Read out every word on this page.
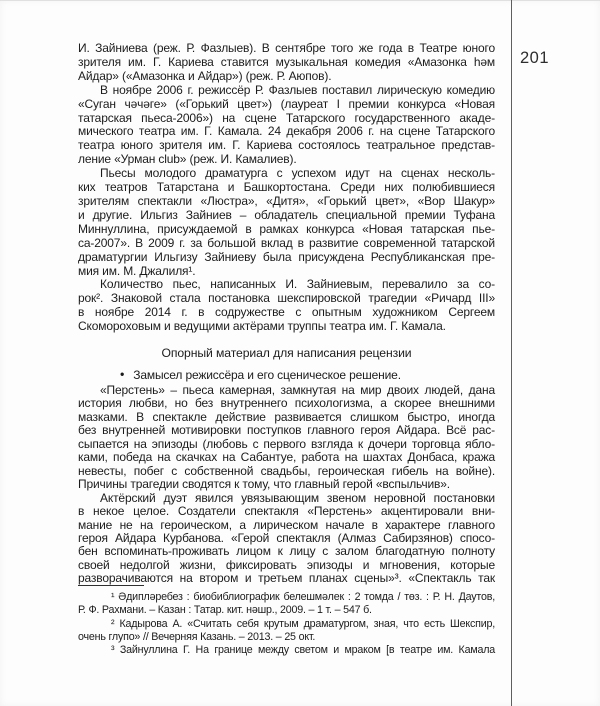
201
И. Зайниева (реж. Р. Фазлыев). В сентябре того же года в Театре юного
зрителя им. Г. Кариева ставится музыкальная комедия «Амазонка һәм
Айдар» («Амазонка и Айдар») (реж. Р. Аюпов).
В ноябре 2006 г. режиссёр Р. Фазлыев поставил лирическую комедию
«Суган чәчәге» («Горький цвет») (лауреат I премии конкурса «Новая
татарская пьеса-2006») на сцене Татарского государственного акаде-
мического театра им. Г. Камала. 24 декабря 2006 г. на сцене Татарского
театра юного зрителя им. Г. Кариева состоялось театральное представ-
ление «Урман club» (реж. И. Камалиев).
Пьесы молодого драматурга с успехом идут на сценах несколь-
ких театров Татарстана и Башкортостана. Среди них полюбившиеся
зрителям спектакли «Люстра», «Дитя», «Горький цвет», «Вор Шакур»
и другие. Ильгиз Зайниев – обладатель специальной премии Туфана
Миннуллина, присуждаемой в рамках конкурса «Новая татарская пье-
са-2007». В 2009 г. за большой вклад в развитие современной татарской
драматургии Ильгизу Зайниеву была присуждена Республиканская пре-
мия им. М. Джалиля¹.
Количество пьес, написанных И. Зайниевым, перевалило за со-
рок². Знаковой стала постановка шекспировской трагедии «Ричард III»
в ноябре 2014 г. в содружестве с опытным художником Сергеем
Скомороховым и ведущими актёрами труппы театра им. Г. Камала.
Опорный материал для написания рецензии
• Замысел режиссёра и его сценическое решение.
«Перстень» – пьеса камерная, замкнутая на мир двоих людей, дана
история любви, но без внутреннего психологизма, а скорее внешними
мазками. В спектакле действие развивается слишком быстро, иногда
без внутренней мотивировки поступков главного героя Айдара. Всё рас-
сыпается на эпизоды (любовь с первого взгляда к дочери торговца ябло-
ками, победа на скачках на Сабантуе, работа на шахтах Донбаса, кража
невесты, побег с собственной свадьбы, героическая гибель на войне).
Причины трагедии сводятся к тому, что главный герой «вспыльчив».
Актёрский дуэт явился увязывающим звеном неровной постановки
в некое целое. Создатели спектакля «Перстень» акцентировали вни-
мание не на героическом, а лирическом начале в характере главного
героя Айдара Курбанова. «Герой спектакля (Алмаз Сабирзянов) спосо-
бен вспоминать-проживать лицом к лицу с залом благодатную полноту
своей недолгой жизни, фиксировать эпизоды и мгновения, которые
разворачиваются на втором и третьем планах сцены»³. «Спектакль так
¹ Әдипләребез : биобиблиографик белешмәлек : 2 томда / төз. : Р. Н. Даутов,
Р. Ф. Рахмани. – Казан : Татар. кит. нәшр., 2009. – 1 т. – 547 б.
² Кадырова А. «Считать себя крутым драматургом, зная, что есть Шекспир,
очень глупо» // Вечерняя Казань. – 2013. – 25 окт.
³ Зайнуллина Г. На границе между светом и мраком [в театре им. Камала
